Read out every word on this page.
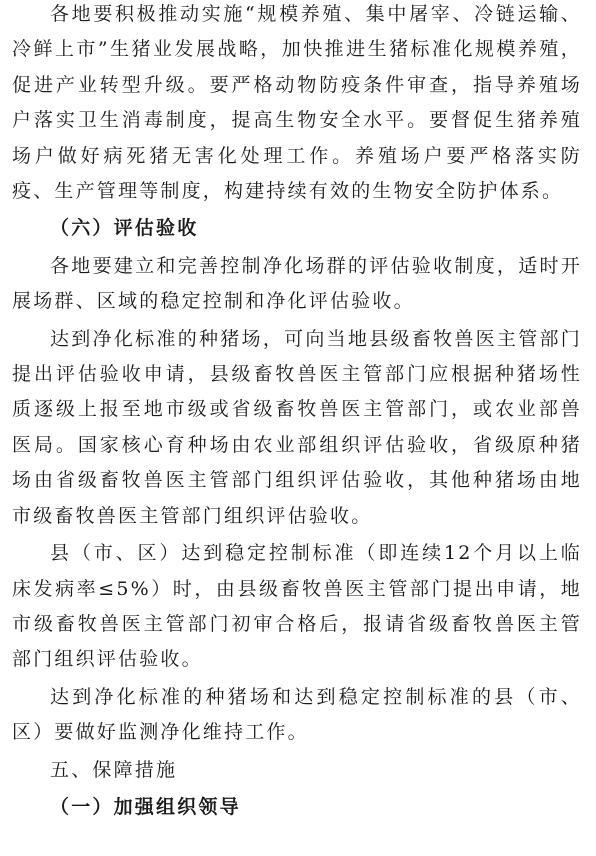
各地要积极推动实施“规模养殖、集中屠宰、冷链运输、冷鲜上市”生猪业发展战略，加快推进生猪标准化规模养殖，促进产业转型升级。要严格动物防疫条件审查，指导养殖场户落实卫生消毒制度，提高生物安全水平。要督促生猪养殖场户做好病死猪无害化处理工作。养殖场户要严格落实防疫、生产管理等制度，构建持续有效的生物安全防护体系。

（六）评估验收

各地要建立和完善控制净化场群的评估验收制度，适时开展场群、区域的稳定控制和净化评估验收。

达到净化标准的种猪场，可向当地县级畜牧兽医主管部门提出评估验收申请，县级畜牧兽医主管部门应根据种猪场性质逐级上报至地市级或省级畜牧兽医主管部门，或农业部兽医局。国家核心育种场由农业部组织评估验收，省级原种猪场由省级畜牧兽医主管部门组织评估验收，其他种猪场由地市级畜牧兽医主管部门组织评估验收。

县（市、区）达到稳定控制标准（即连续12个月以上临床发病率≤5%）时，由县级畜牧兽医主管部门提出申请，地市级畜牧兽医主管部门初审合格后，报请省级畜牧兽医主管部门组织评估验收。

达到净化标准的种猪场和达到稳定控制标准的县（市、区）要做好监测净化维持工作。

五、保障措施

（一）加强组织领导
